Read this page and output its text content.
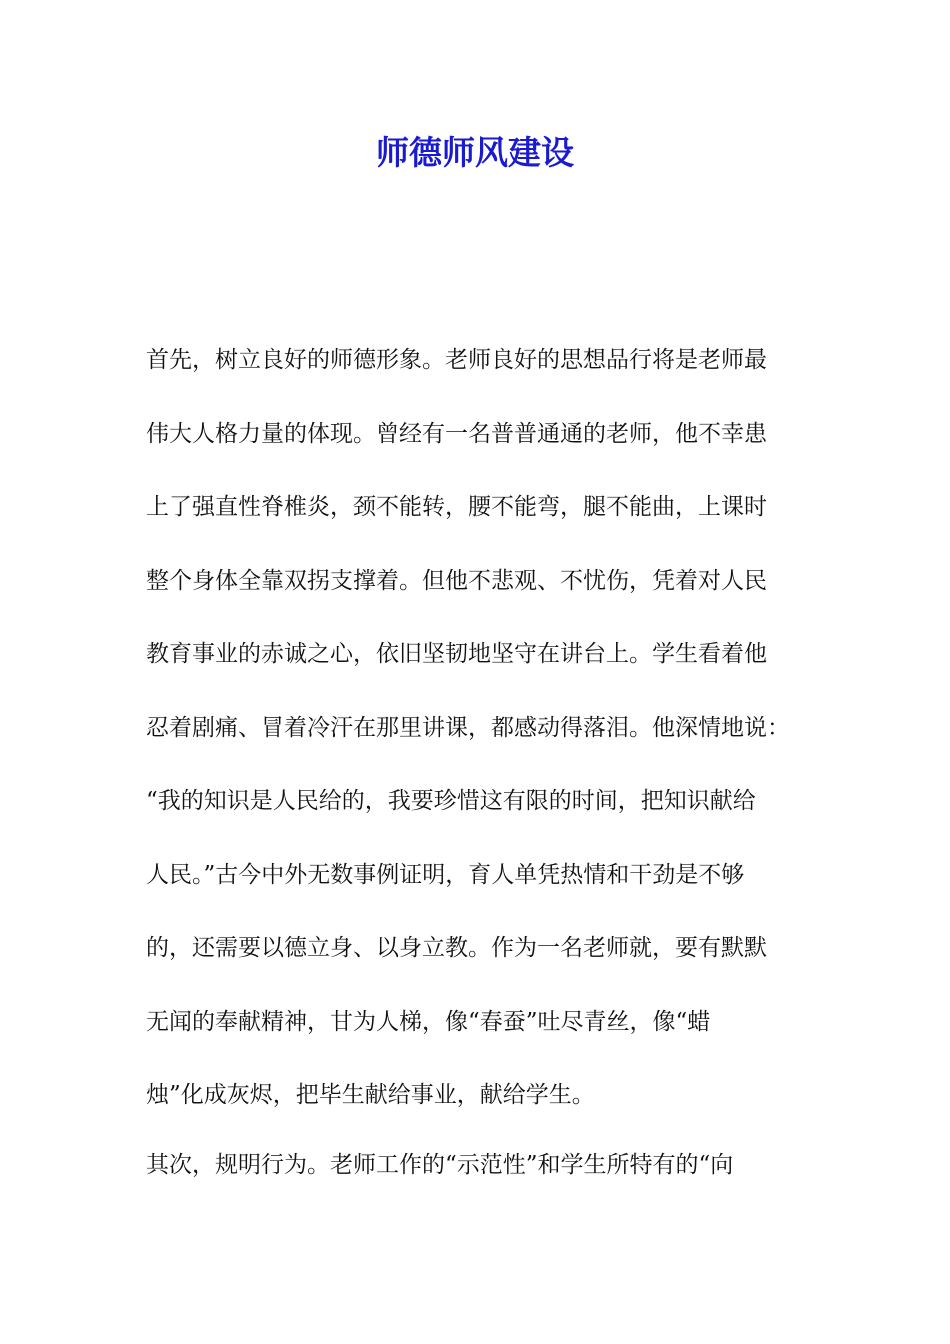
师德师风建设
首先，树立良好的师德形象。老师良好的思想品行将是老师最
伟大人格力量的体现。曾经有一名普普通通的老师，他不幸患
上了强直性脊椎炎，颈不能转，腰不能弯，腿不能曲，上课时
整个身体全靠双拐支撑着。但他不悲观、不忧伤，凭着对人民
教育事业的赤诚之心，依旧坚韧地坚守在讲台上。学生看着他
忍着剧痛、冒着冷汗在那里讲课，都感动得落泪。他深情地说：
“我的知识是人民给的，我要珍惜这有限的时间，把知识献给
人民。”古今中外无数事例证明，育人单凭热情和干劲是不够
的，还需要以德立身、以身立教。作为一名老师就，要有默默
无闻的奉献精神，甘为人梯，像“春蚕”吐尽青丝，像“蜡
烛”化成灰烬，把毕生献给事业，献给学生。
其次，规明行为。老师工作的“示范性”和学生所特有的“向
